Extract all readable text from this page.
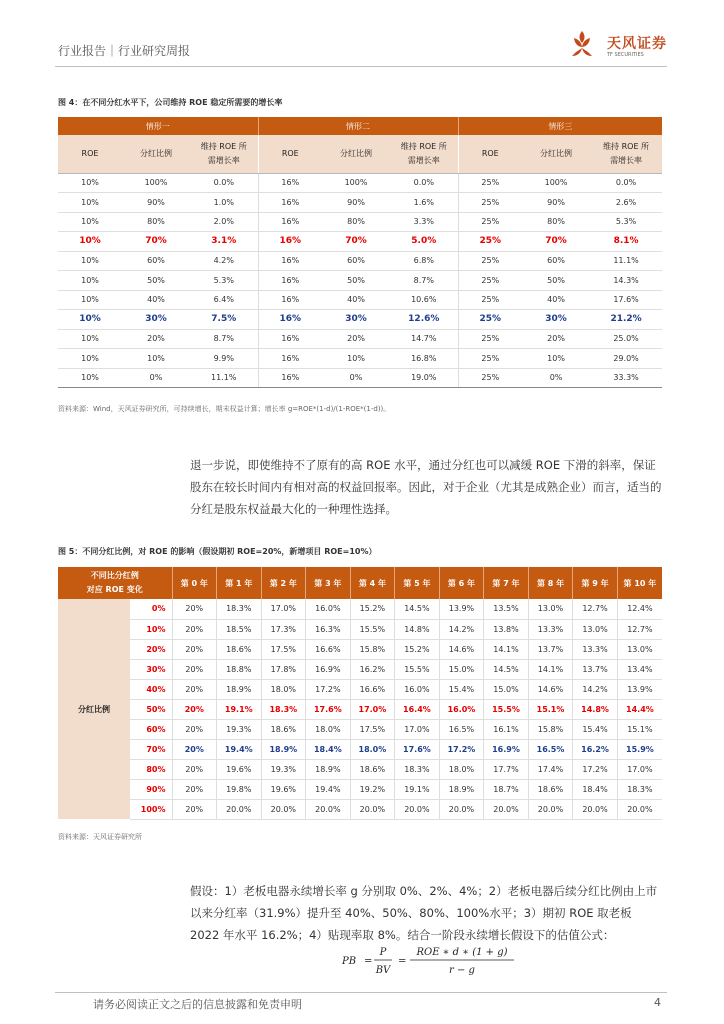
行业报告｜行业研究周报	天风证券
TF SECURITIES
图 4：在不同分红水平下，公司维持 ROE 稳定所需要的增长率
情形一			情形二			情形三		
ROE	分红比例	维持 ROE 所
需增长率	ROE	分红比例	维持 ROE 所
需增长率	ROE	分红比例	维持 ROE 所
需增长率
10%	100%	0.0%	16%	100%	0.0%	25%	100%	0.0%
10%	90%	1.0%	16%	90%	1.6%	25%	90%	2.6%
10%	80%	2.0%	16%	80%	3.3%	25%	80%	5.3%
10%	70%	3.1%	16%	70%	5.0%	25%	70%	8.1%
10%	60%	4.2%	16%	60%	6.8%	25%	60%	11.1%
10%	50%	5.3%	16%	50%	8.7%	25%	50%	14.3%
10%	40%	6.4%	16%	40%	10.6%	25%	40%	17.6%
10%	30%	7.5%	16%	30%	12.6%	25%	30%	21.2%
10%	20%	8.7%	16%	20%	14.7%	25%	20%	25.0%
10%	10%	9.9%	16%	10%	16.8%	25%	10%	29.0%
10%	0%	11.1%	16%	0%	19.0%	25%	0%	33.3%
资料来源：Wind，天风证券研究所，可持续增长，期末权益计算；增长率 g=ROE*(1-d)/(1-ROE*(1-d))。
退一步说，即使维持不了原有的高 ROE 水平，通过分红也可以减缓 ROE 下滑的斜率，保证股东在较长时间内有相对高的权益回报率。因此，对于企业（尤其是成熟企业）而言，适当的分红是股东权益最大化的一种理性选择。
图 5：不同分红比例，对 ROE 的影响（假设期初 ROE=20%，新增项目 ROE=10%）
不同比分红例
对应 ROE 变化		第 0 年	第 1 年	第 2 年	第 3 年	第 4 年	第 5 年	第 6 年	第 7 年	第 8 年	第 9 年	第 10 年
分红比例	0%	20%	18.3%	17.0%	16.0%	15.2%	14.5%	13.9%	13.5%	13.0%	12.7%	12.4%
	10%	20%	18.5%	17.3%	16.3%	15.5%	14.8%	14.2%	13.8%	13.3%	13.0%	12.7%
	20%	20%	18.6%	17.5%	16.6%	15.8%	15.2%	14.6%	14.1%	13.7%	13.3%	13.0%
	30%	20%	18.8%	17.8%	16.9%	16.2%	15.5%	15.0%	14.5%	14.1%	13.7%	13.4%
	40%	20%	18.9%	18.0%	17.2%	16.6%	16.0%	15.4%	15.0%	14.6%	14.2%	13.9%
	50%	20%	19.1%	18.3%	17.6%	17.0%	16.4%	16.0%	15.5%	15.1%	14.8%	14.4%
	60%	20%	19.3%	18.6%	18.0%	17.5%	17.0%	16.5%	16.1%	15.8%	15.4%	15.1%
	70%	20%	19.4%	18.9%	18.4%	18.0%	17.6%	17.2%	16.9%	16.5%	16.2%	15.9%
	80%	20%	19.6%	19.3%	18.9%	18.6%	18.3%	18.0%	17.7%	17.4%	17.2%	17.0%
	90%	20%	19.8%	19.6%	19.4%	19.2%	19.1%	18.9%	18.7%	18.6%	18.4%	18.3%
	100%	20%	20.0%	20.0%	20.0%	20.0%	20.0%	20.0%	20.0%	20.0%	20.0%	20.0%
资料来源：天风证券研究所
假设：1）老板电器永续增长率 g 分别取 0%、2%、4%；2）老板电器后续分红比例由上市以来分红率（31.9%）提升至 40%、50%、80%、100%水平；3）期初 ROE 取老板 2022 年水平 16.2%；4）贴现率取 8%。结合一阶段永续增长假设下的估值公式：
PB =
P
BV
=
ROE ∗ d ∗ (1 + g)
r − g
请务必阅读正文之后的信息披露和免责申明	4
